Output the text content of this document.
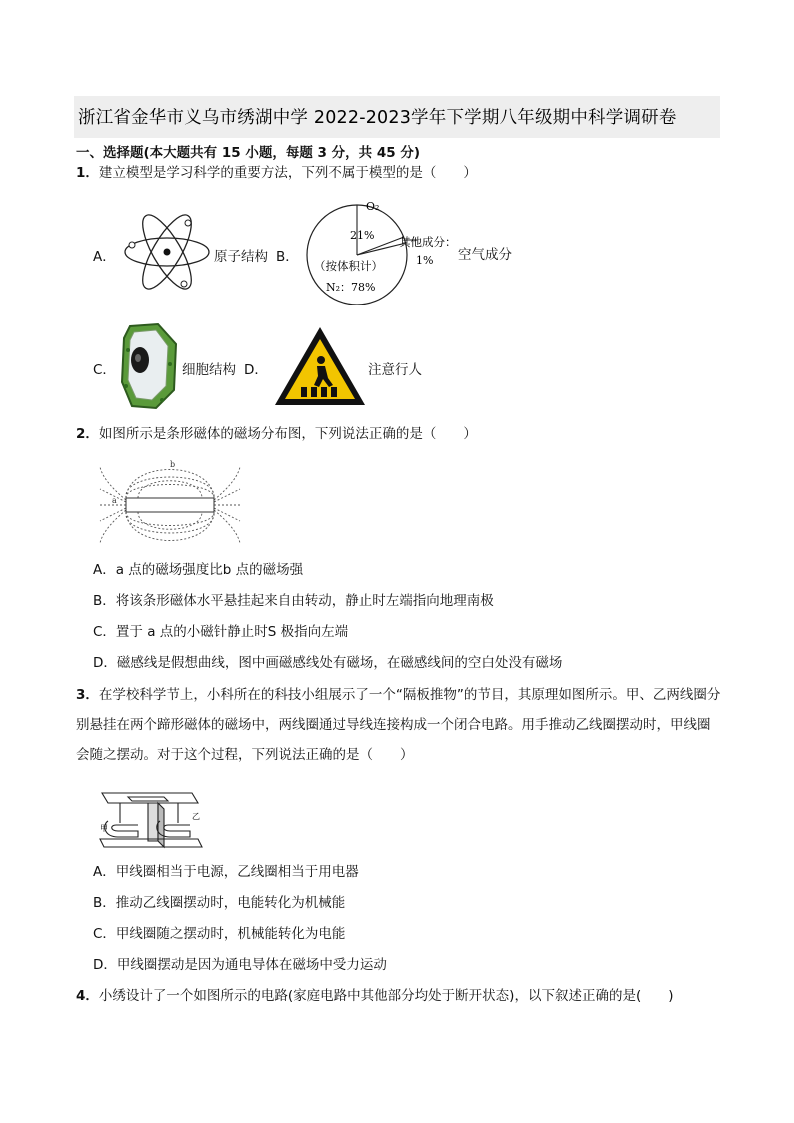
浙江省金华市义乌市绣湖中学 2022-2023学年下学期八年级期中科学调研卷
一、选择题(本大题共有 15 小题，每题 3 分，共 45 分)
1．建立模型是学习科学的重要方法，下列不属于模型的是（　　）
A．	原子结构 B．
O₂
21% 其他成分：
1%
（按体积计）
N₂：78%
空气成分
C．	细胞结构 D．	注意行人
2．如图所示是条形磁体的磁场分布图，下列说法正确的是（　　）
a
b
A．a 点的磁场强度比b 点的磁场强
B．将该条形磁体水平悬挂起来自由转动，静止时左端指向地理南极
C．置于 a 点的小磁针静止时S 极指向左端
D．磁感线是假想曲线，图中画磁感线处有磁场，在磁感线间的空白处没有磁场
3．在学校科学节上，小科所在的科技小组展示了一个“隔板推物”的节目，其原理如图所示。甲、乙两线圈分别悬挂在两个蹄形磁体的磁场中，两线圈通过导线连接构成一个闭合电路。用手推动乙线圈摆动时，甲线圈会随之摆动。对于这个过程，下列说法正确的是（　　）
甲
乙
A．甲线圈相当于电源，乙线圈相当于用电器
B．推动乙线圈摆动时，电能转化为机械能
C．甲线圈随之摆动时，机械能转化为电能
D．甲线圈摆动是因为通电导体在磁场中受力运动
4．小绣设计了一个如图所示的电路(家庭电路中其他部分均处于断开状态)，以下叙述正确的是(　　)
